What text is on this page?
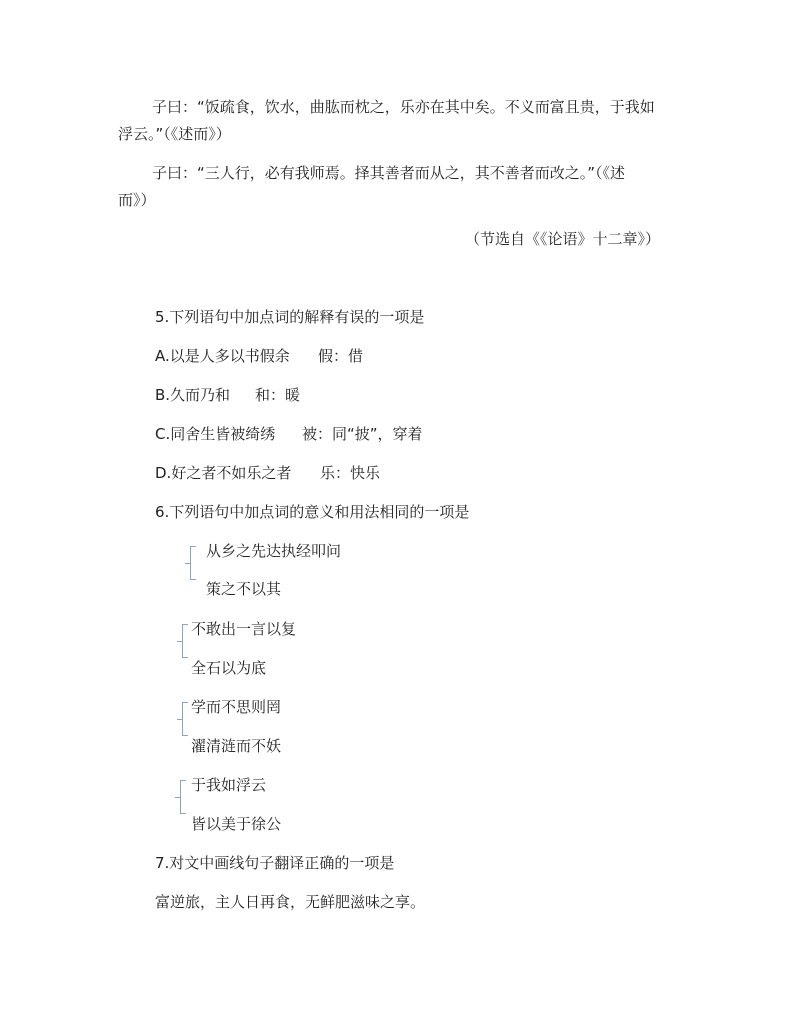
子曰：“饭疏食，饮水，曲肱而枕之，乐亦在其中矣。不义而富且贵，于我如
浮云。”（《述而》）
子曰：“三人行，必有我师焉。择其善者而从之，其不善者而改之。”（《述
而》）
（节选自《《论语》十二章》）
5.下列语句中加点词的解释有误的一项是
A.以是人多以书假余 假：借
B.久而乃和 和：暖
C.同舍生皆被绮绣 被：同“披”，穿着
D.好之者不如乐之者 乐：快乐
6.下列语句中加点词的意义和用法相同的一项是
从乡之先达执经叩问
策之不以其
不敢出一言以复
全石以为底
学而不思则罔
濯清涟而不妖
于我如浮云
皆以美于徐公
7.对文中画线句子翻译正确的一项是
富逆旅，主人日再食，无鲜肥滋味之享。
